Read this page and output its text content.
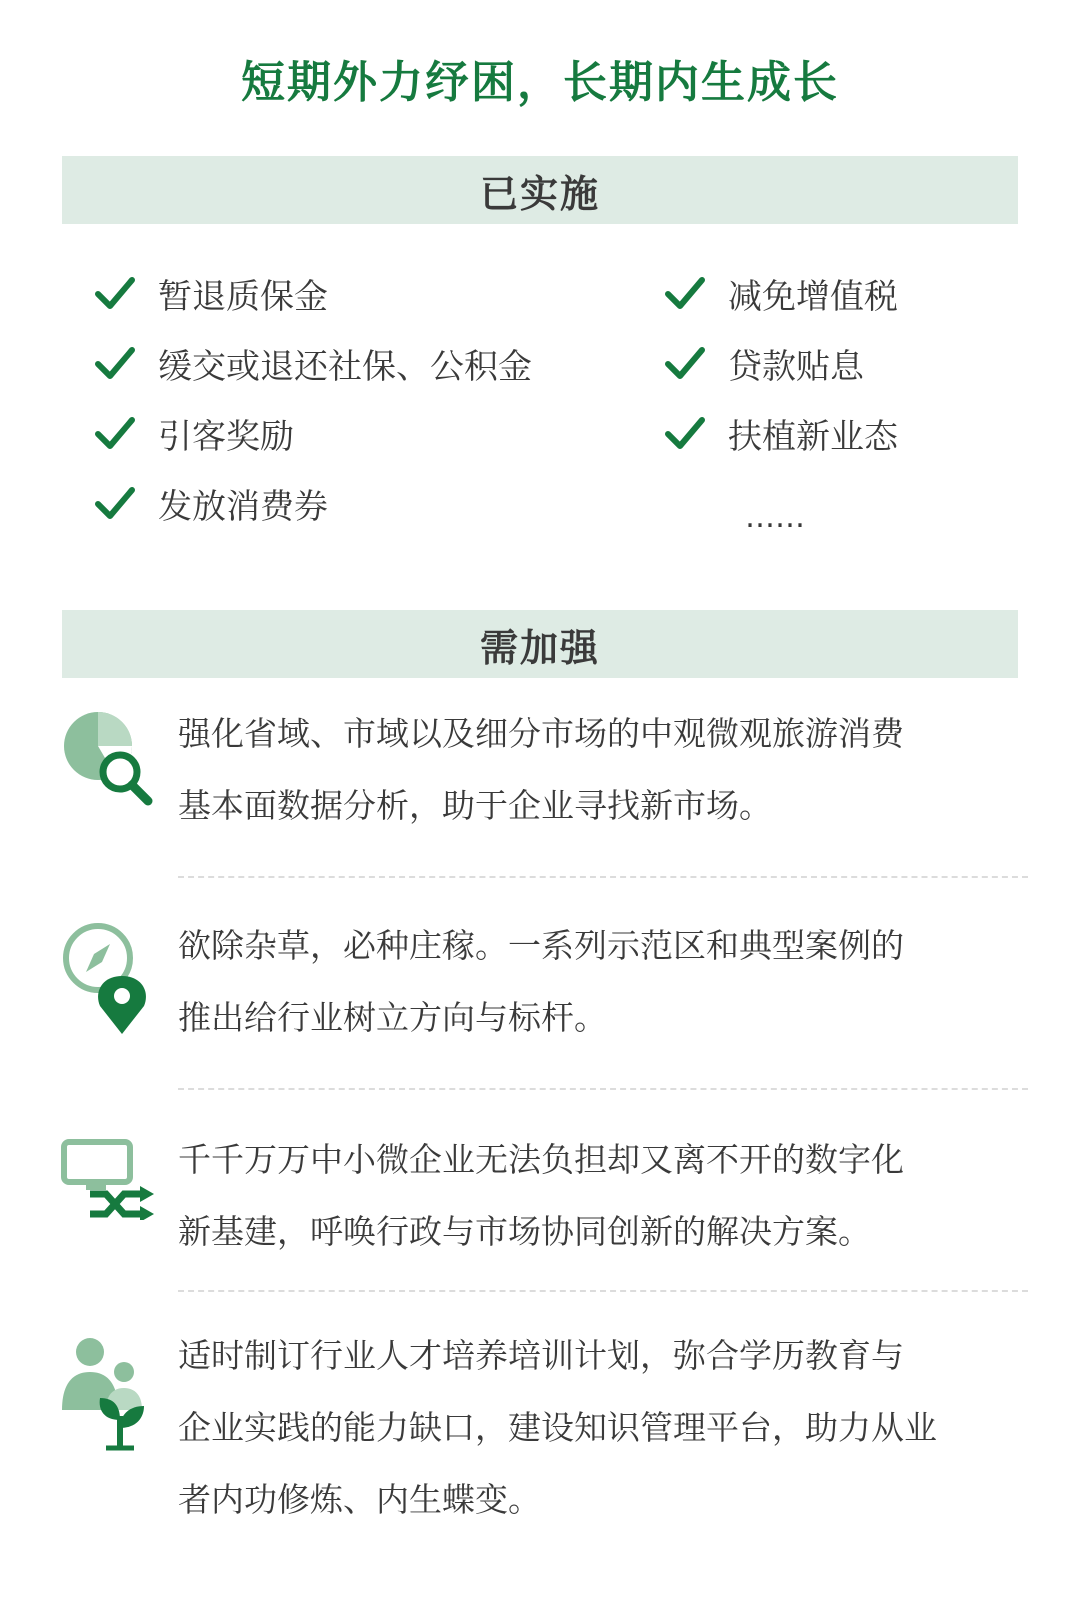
短期外力纾困，长期内生成长
已实施
暂退质保金
缓交或退还社保、公积金
引客奖励
发放消费券
减免增值税
贷款贴息
扶植新业态
……
需加强
强化省域、市域以及细分市场的中观微观旅游消费
基本面数据分析，助于企业寻找新市场。
欲除杂草，必种庄稼。一系列示范区和典型案例的
推出给行业树立方向与标杆。
千千万万中小微企业无法负担却又离不开的数字化
新基建，呼唤行政与市场协同创新的解决方案。
适时制订行业人才培养培训计划，弥合学历教育与
企业实践的能力缺口，建设知识管理平台，助力从业
者内功修炼、内生蝶变。
